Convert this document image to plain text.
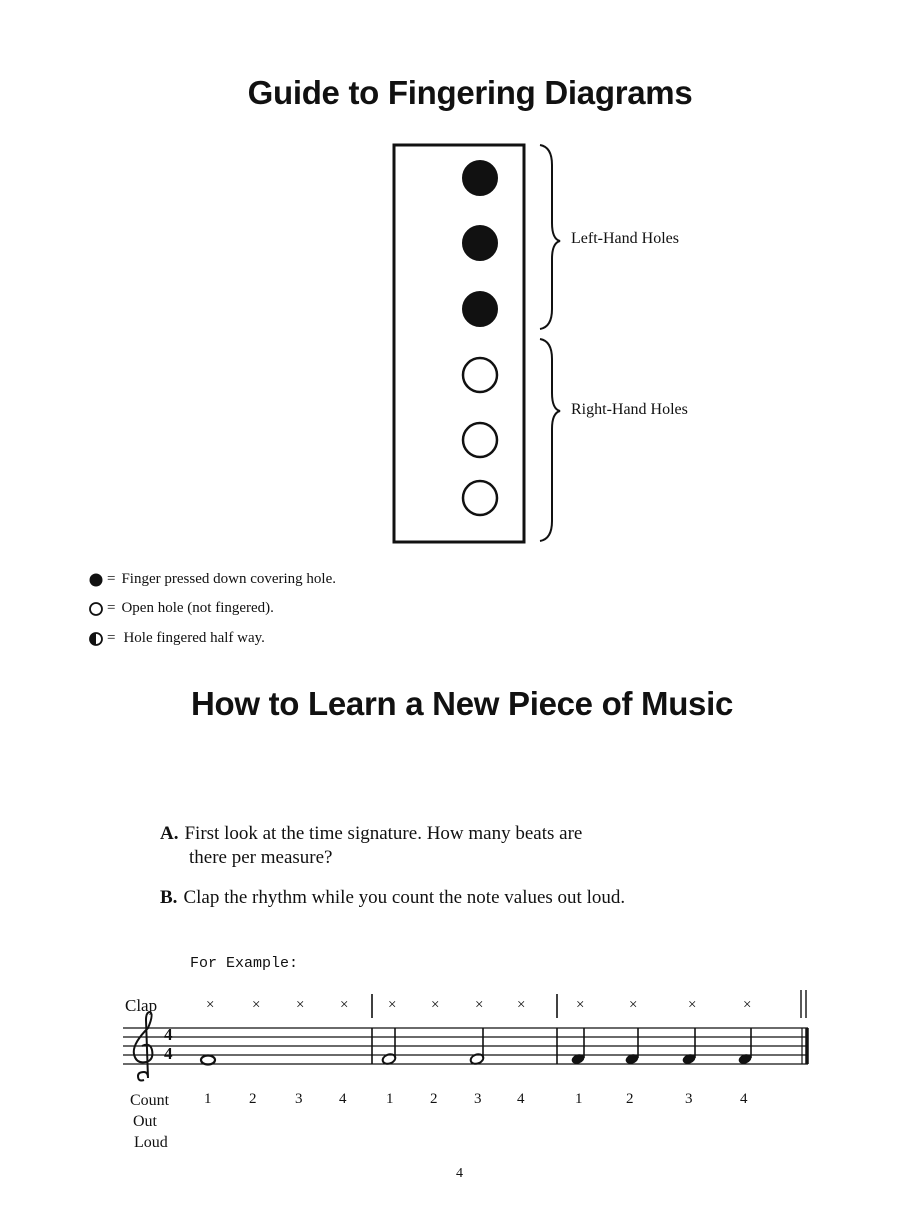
Guide to Fingering Diagrams
Left-Hand Holes
Right-Hand Holes
= Finger pressed down covering hole.
= Open hole (not fingered).
= Hole fingered half way.
How to Learn a New Piece of Music
A. First look at the time signature. How many beats are
there per measure?
B. Clap the rhythm while you count the note values out loud.
For Example:
Clap	×	× × ×	× × × ×	×	×	×	×
4
4
Count
Out
Loud
1	2	3 4	1 2 3 4	1	2	3	4
4
